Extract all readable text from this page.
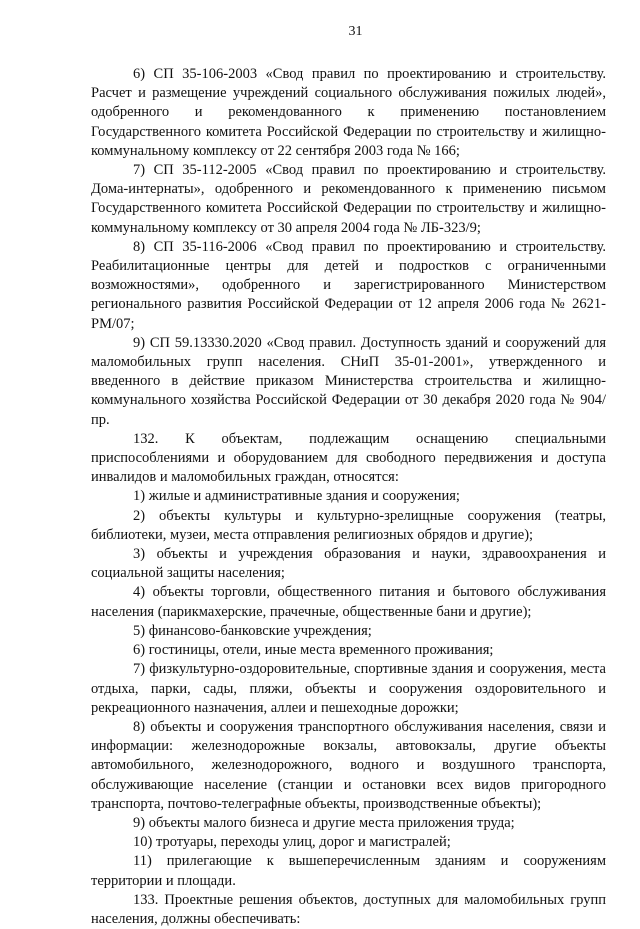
31

6) СП 35-106-2003 «Свод правил по проектированию и строительству. Расчет и размещение учреждений социального обслуживания пожилых людей», одобренного и рекомендованного к применению постановлением Государственного комитета Российской Федерации по строительству и жилищно-коммунальному комплексу от 22 сентября 2003 года № 166;

7) СП 35-112-2005 «Свод правил по проектированию и строительству. Дома-интернаты», одобренного и рекомендованного к применению письмом Государственного комитета Российской Федерации по строительству и жилищно-коммунальному комплексу от 30 апреля 2004 года № ЛБ-323/9;

8) СП 35-116-2006 «Свод правил по проектированию и строительству. Реабилитационные центры для детей и подростков с ограниченными возможностями», одобренного и зарегистрированного Министерством регионального развития Российской Федерации от 12 апреля 2006 года № 2621-РМ/07;

9) СП 59.13330.2020 «Свод правил. Доступность зданий и сооружений для маломобильных групп населения. СНиП 35-01-2001», утвержденного и введенного в действие приказом Министерства строительства и жилищно-коммунального хозяйства Российской Федерации от 30 декабря 2020 года № 904/пр.

132. К объектам, подлежащим оснащению специальными приспособлениями и оборудованием для свободного передвижения и доступа инвалидов и маломобильных граждан, относятся:

1) жилые и административные здания и сооружения;

2) объекты культуры и культурно-зрелищные сооружения (театры, библиотеки, музеи, места отправления религиозных обрядов и другие);

3) объекты и учреждения образования и науки, здравоохранения и социальной защиты населения;

4) объекты торговли, общественного питания и бытового обслуживания населения (парикмахерские, прачечные, общественные бани и другие);

5) финансово-банковские учреждения;

6) гостиницы, отели, иные места временного проживания;

7) физкультурно-оздоровительные, спортивные здания и сооружения, места отдыха, парки, сады, пляжи, объекты и сооружения оздоровительного и рекреационного назначения, аллеи и пешеходные дорожки;

8) объекты и сооружения транспортного обслуживания населения, связи и информации: железнодорожные вокзалы, автовокзалы, другие объекты автомобильного, железнодорожного, водного и воздушного транспорта, обслуживающие население (станции и остановки всех видов пригородного транспорта, почтово-телеграфные объекты, производственные объекты);

9) объекты малого бизнеса и другие места приложения труда;

10) тротуары, переходы улиц, дорог и магистралей;

11) прилегающие к вышеперечисленным зданиям и сооружениям территории и площади.

133. Проектные решения объектов, доступных для маломобильных групп населения, должны обеспечивать:
